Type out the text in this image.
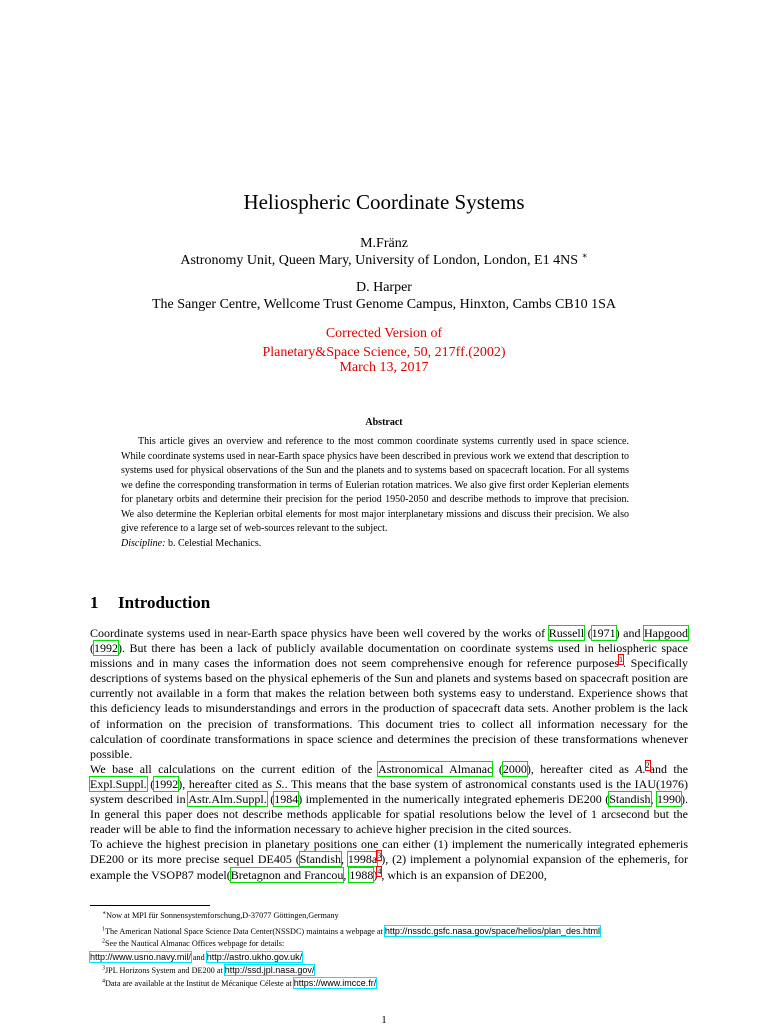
Heliospheric Coordinate Systems
M.Fränz
Astronomy Unit, Queen Mary, University of London, London, E1 4NS ∗
D. Harper
The Sanger Centre, Wellcome Trust Genome Campus, Hinxton, Cambs CB10 1SA
Corrected Version of
Planetary&Space Science, 50, 217ff.(2002)
March 13, 2017
Abstract
This article gives an overview and reference to the most common coordinate systems currently used in space science. While coordinate systems used in near-Earth space physics have been described in previous work we extend that description to systems used for physical observations of the Sun and the planets and to systems based on spacecraft location. For all systems we define the corresponding transformation in terms of Eulerian rotation matrices. We also give first order Keplerian elements for planetary orbits and determine their precision for the period 1950-2050 and describe methods to improve that precision. We also determine the Keplerian orbital elements for most major interplanetary missions and discuss their precision. We also give reference to a large set of web-sources relevant to the subject.
Discipline: b. Celestial Mechanics.
1 Introduction

Coordinate systems used in near-Earth space physics have been well covered by the works of Russell (1971) and Hapgood (1992). But there has been a lack of publicly available documentation on coordinate systems used in heliospheric space missions and in many cases the information does not seem comprehensive enough for reference purposes$^1$. Specifically descriptions of systems based on the physical ephemeris of the Sun and planets and systems based on spacecraft position are currently not available in a form that makes the relation between both systems easy to understand. Experience shows that this deficiency leads to misunderstandings and errors in the production of spacecraft data sets. Another problem is the lack of information on the precision of transformations. This document tries to collect all information necessary for the calculation of coordinate transformations in space science and determines the precision of these transformations whenever possible.

We base all calculations on the current edition of the Astronomical Almanac (2000), hereafter cited as A.$^2$and the Expl.Suppl. (1992), hereafter cited as S.. This means that the base system of astronomical constants used is the IAU(1976) system described in Astr.Alm.Suppl. (1984) implemented in the numerically integrated ephemeris DE200 (Standish, 1990). In general this paper does not describe methods applicable for spatial resolutions below the level of 1 arcsecond but the reader will be able to find the information necessary to achieve higher precision in the cited sources.

To achieve the highest precision in planetary positions one can either (1) implement the numerically integrated ephemeris DE200 or its more precise sequel DE405 (Standish, $1998a^3$), (2) implement a polynomial expansion of the ephemeris, for example the VSOP87 model(Bretagnon and Francou, 1988)$^4$, which is an expansion of DE200,

∗Now at MPI für Sonnensystemforschung,D-37077 Göttingen,Germany
$^1$The American National Space Science Data Center(NSSDC) maintains a webpage at http://nssdc.gsfc.nasa.gov/space/helios/plan_des.html
$^2$See the Nautical Almanac Offices webpage for details:
http://www.usno.navy.mil/ and http://astro.ukho.gov.uk/
$^3$JPL Horizons System and DE200 at http://ssd.jpl.nasa.gov/
$^4$Data are available at the Institut de Mécanique Céleste at https://www.imcce.fr/
1
